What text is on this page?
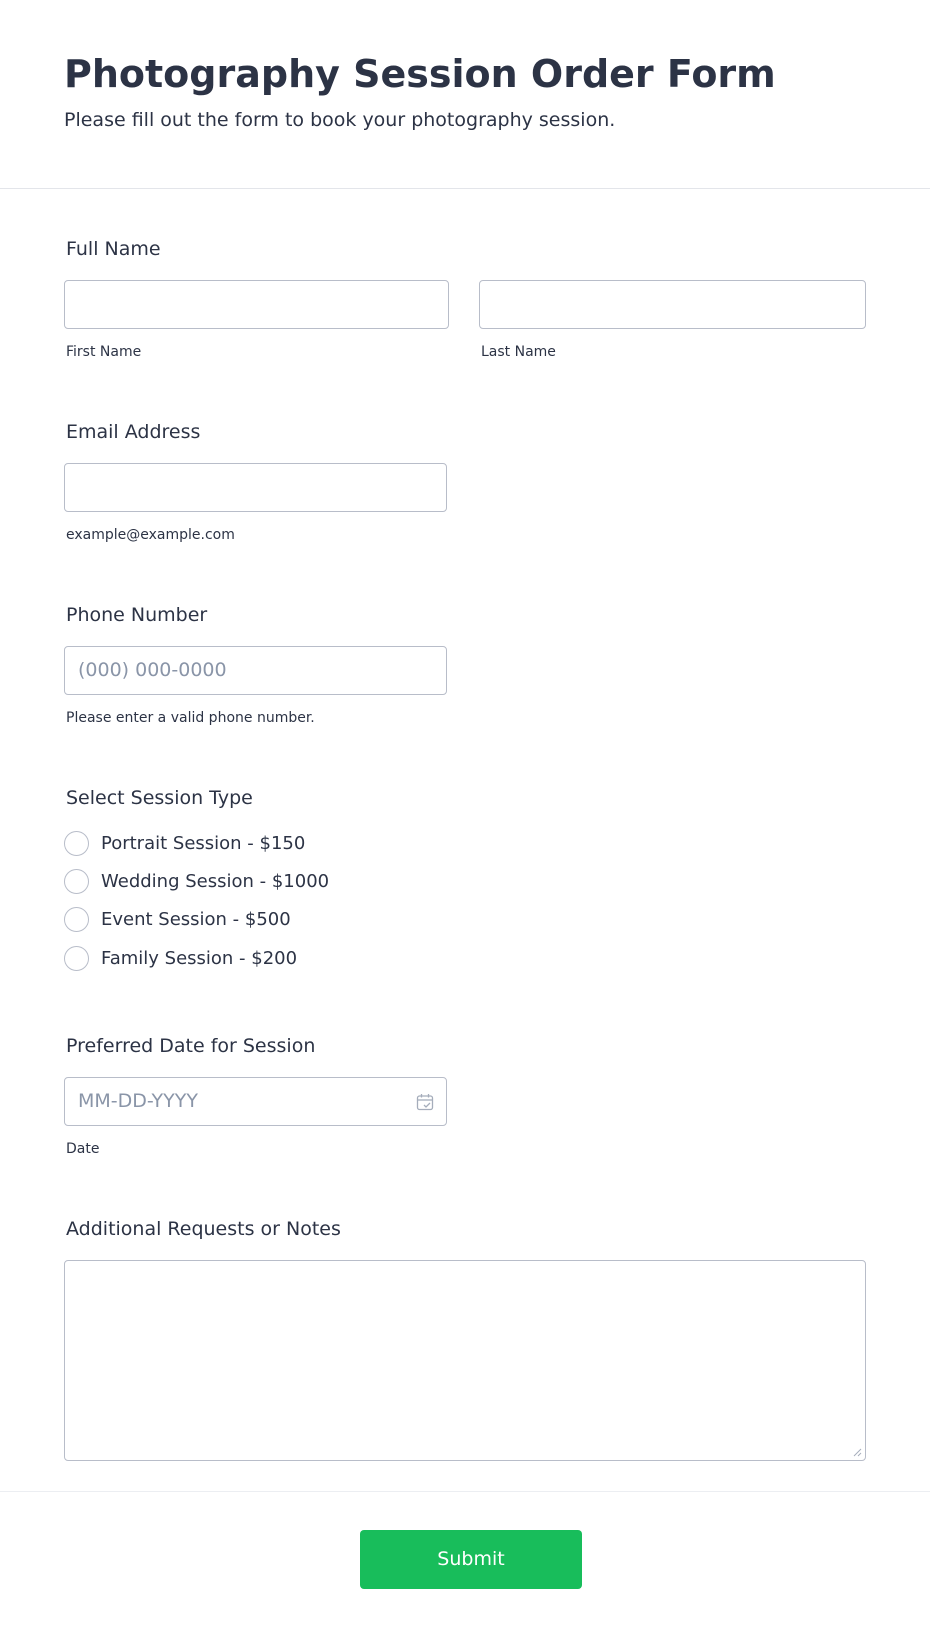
Photography Session Order Form
Please fill out the form to book your photography session.
Full Name
First Name	Last Name
Email Address
example@example.com
Phone Number
(000) 000-0000
Please enter a valid phone number.
Select Session Type
Portrait Session - $150
Wedding Session - $1000
Event Session - $500
Family Session - $200
Preferred Date for Session
MM-DD-YYYY
Date
Additional Requests or Notes
Submit
